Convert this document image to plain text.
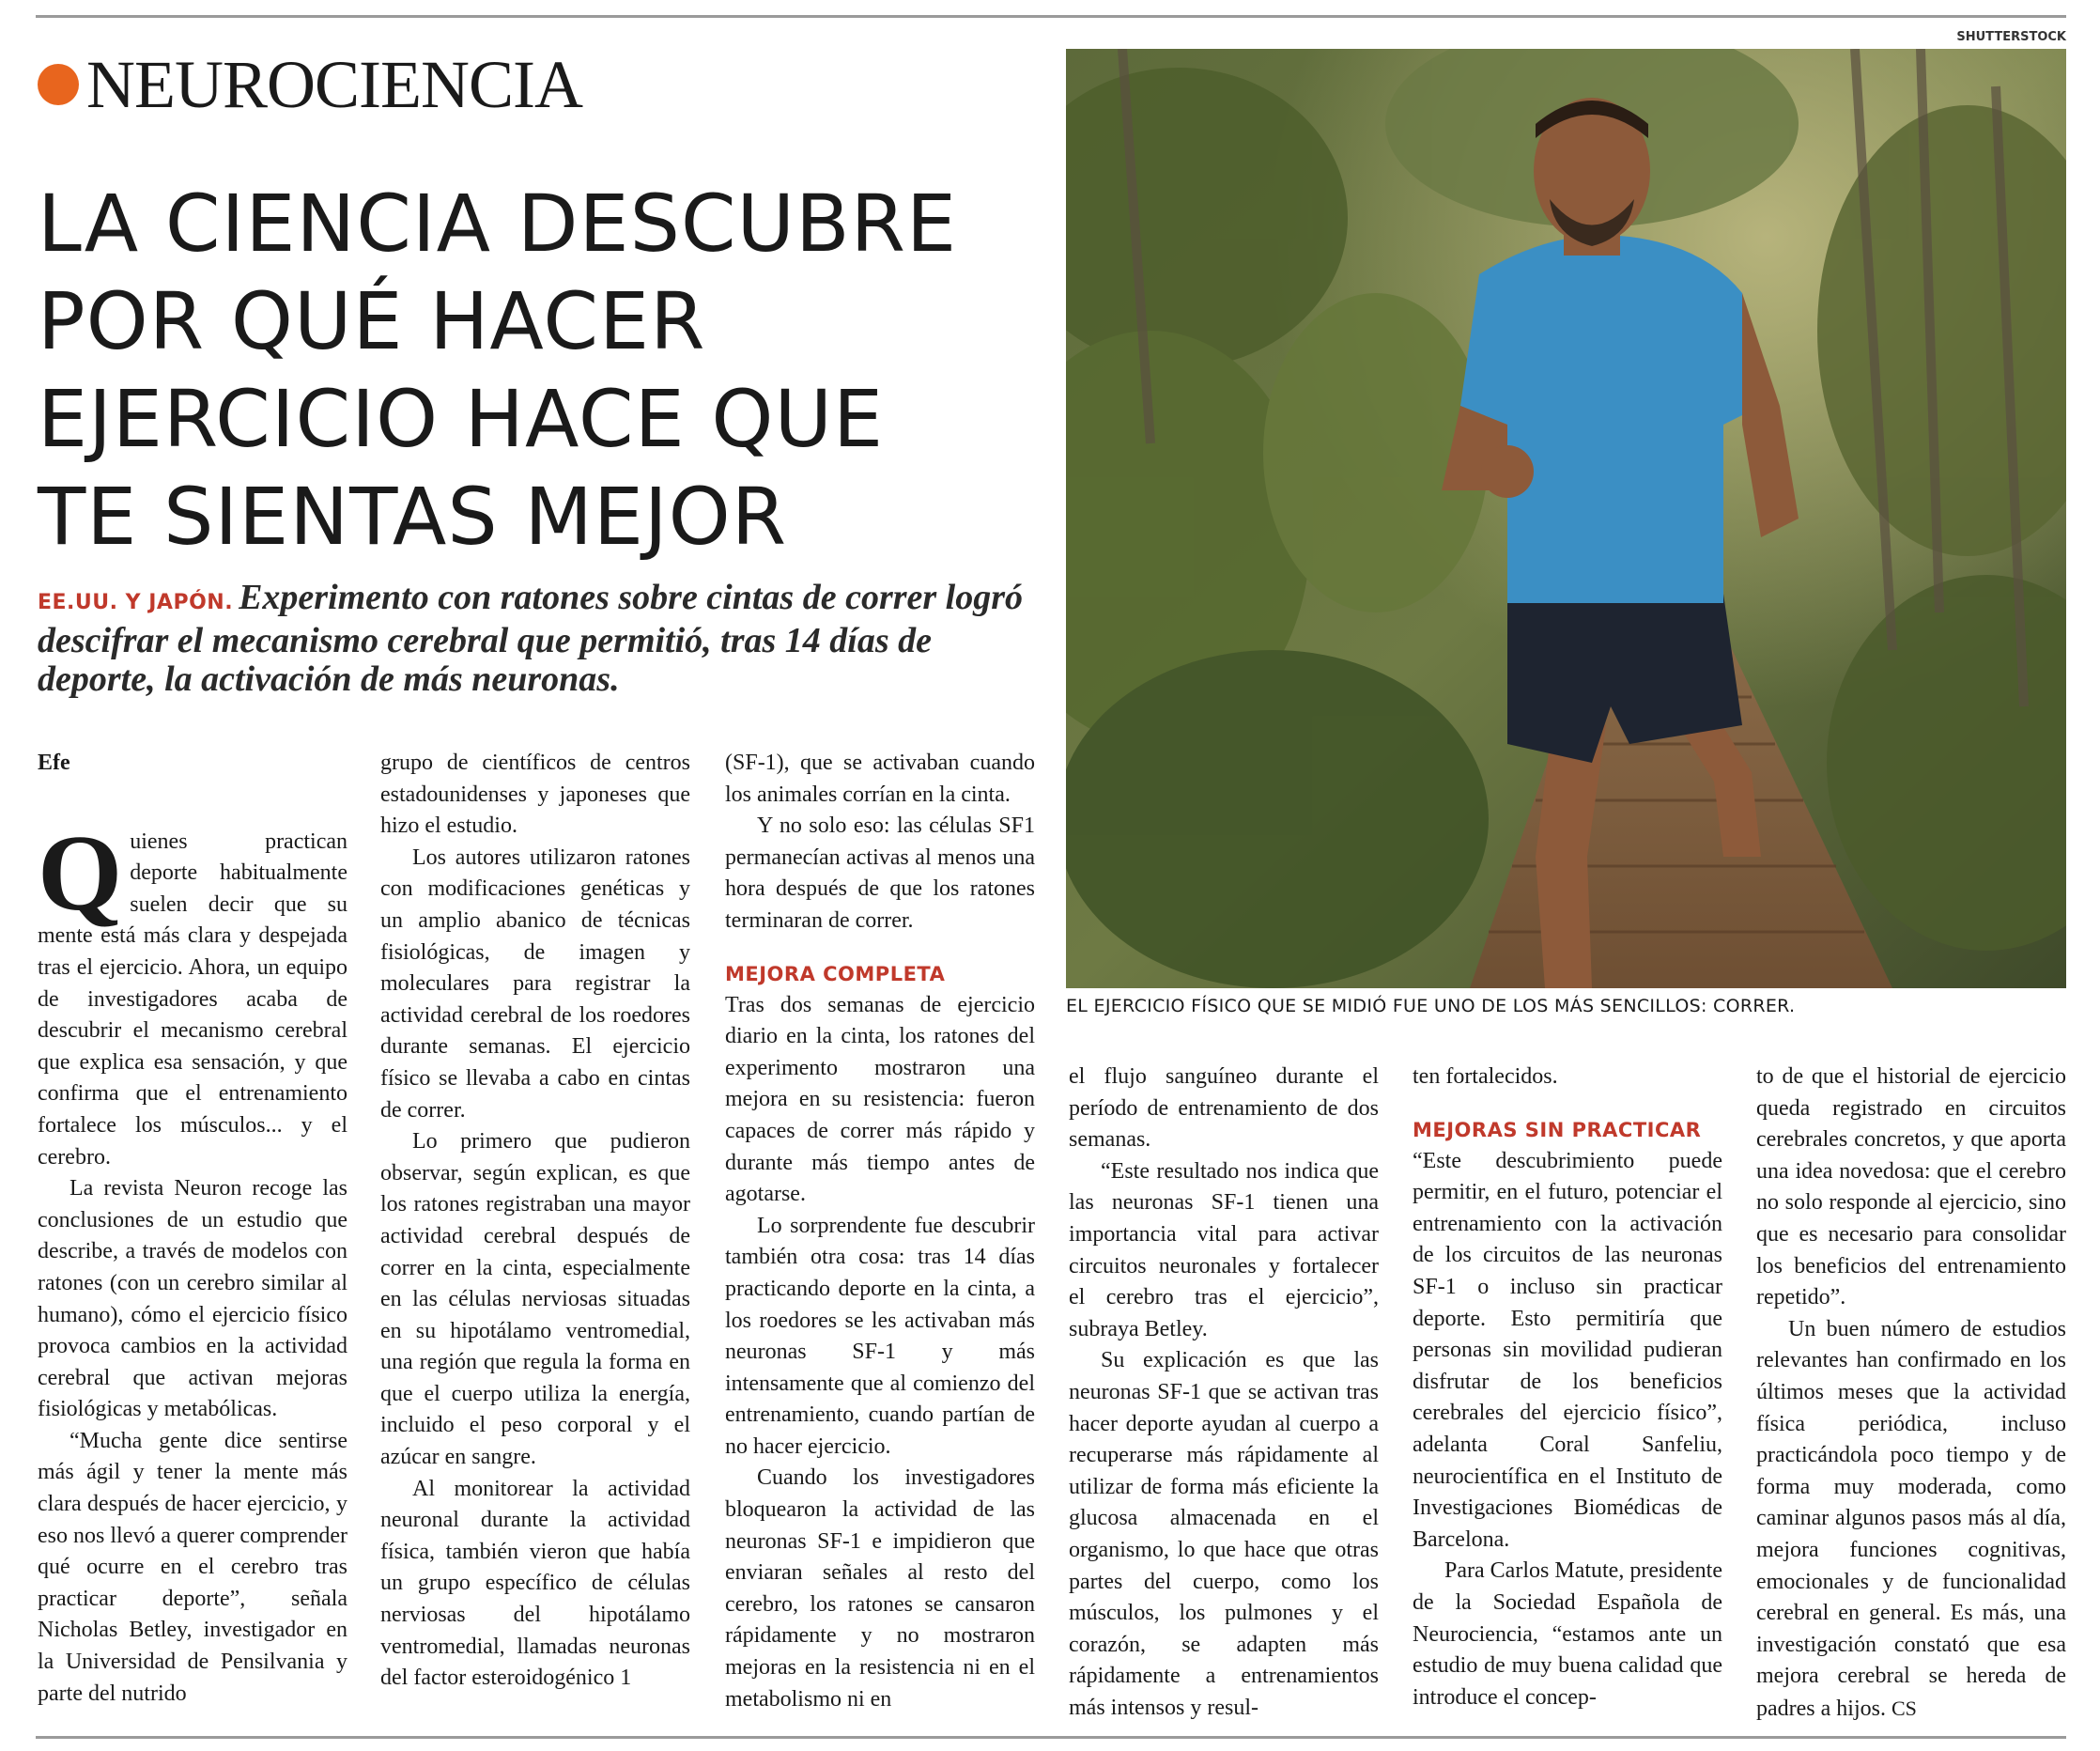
NEUROCIENCIA
LA CIENCIA DESCUBRE
POR QUÉ HACER
EJERCICIO HACE QUE
TE SIENTAS MEJOR
EE.UU. Y JAPÓN. Experimento con ratones sobre cintas de correr logró descifrar el mecanismo cerebral que permitió, tras 14 días de deporte, la activación de más neuronas.
SHUTTERSTOCK
EL EJERCICIO FÍSICO QUE SE MIDIÓ FUE UNO DE LOS MÁS SENCILLOS: CORRER.

Efe

Quienes practican deporte habitualmente suelen decir que su mente está más clara y despejada tras el ejercicio. Ahora, un equipo de investigadores acaba de descubrir el mecanismo cerebral que explica esa sensación, y que confirma que el entrenamiento fortalece los músculos... y el cerebro.

La revista Neuron recoge las conclusiones de un estudio que describe, a través de modelos con ratones (con un cerebro similar al humano), cómo el ejercicio físico provoca cambios en la actividad cerebral que activan mejoras fisiológicas y metabólicas.

“Mucha gente dice sentirse más ágil y tener la mente más clara después de hacer ejercicio, y eso nos llevó a querer comprender qué ocurre en el cerebro tras practicar deporte”, señala Nicholas Betley, investigador en la Universidad de Pensilvania y parte del nutrido

grupo de científicos de centros estadounidenses y japoneses que hizo el estudio.

Los autores utilizaron ratones con modificaciones genéticas y un amplio abanico de técnicas fisiológicas, de imagen y moleculares para registrar la actividad cerebral de los roedores durante semanas. El ejercicio físico se llevaba a cabo en cintas de correr.

Lo primero que pudieron observar, según explican, es que los ratones registraban una mayor actividad cerebral después de correr en la cinta, especialmente en las células nerviosas situadas en su hipotálamo ventromedial, una región que regula la forma en que el cuerpo utiliza la energía, incluido el peso corporal y el azúcar en sangre.

Al monitorear la actividad neuronal durante la actividad física, también vieron que había un grupo específico de células nerviosas del hipotálamo ventromedial, llamadas neuronas del factor esteroidogénico 1

(SF-1), que se activaban cuando los animales corrían en la cinta.

Y no solo eso: las células SF1 permanecían activas al menos una hora después de que los ratones terminaran de correr.

MEJORA COMPLETA

Tras dos semanas de ejercicio diario en la cinta, los ratones del experimento mostraron una mejora en su resistencia: fueron capaces de correr más rápido y durante más tiempo antes de agotarse.

Lo sorprendente fue descubrir también otra cosa: tras 14 días practicando deporte en la cinta, a los roedores se les activaban más neuronas SF-1 y más intensamente que al comienzo del entrenamiento, cuando partían de no hacer ejercicio.

Cuando los investigadores bloquearon la actividad de las neuronas SF-1 e impidieron que enviaran señales al resto del cerebro, los ratones se cansaron rápidamente y no mostraron mejoras en la resistencia ni en el metabolismo ni en

el flujo sanguíneo durante el período de entrenamiento de dos semanas.

“Este resultado nos indica que las neuronas SF-1 tienen una importancia vital para activar circuitos neuronales y fortalecer el cerebro tras el ejercicio”, subraya Betley.

Su explicación es que las neuronas SF-1 que se activan tras hacer deporte ayudan al cuerpo a recuperarse más rápidamente al utilizar de forma más eficiente la glucosa almacenada en el organismo, lo que hace que otras partes del cuerpo, como los músculos, los pulmones y el corazón, se adapten más rápidamente a entrenamientos más intensos y resul-

ten fortalecidos.

MEJORAS SIN PRACTICAR

“Este descubrimiento puede permitir, en el futuro, potenciar el entrenamiento con la activación de los circuitos de las neuronas SF-1 o incluso sin practicar deporte. Esto permitiría que personas sin movilidad pudieran disfrutar de los beneficios cerebrales del ejercicio físico”, adelanta Coral Sanfeliu, neurocientífica en el Instituto de Investigaciones Biomédicas de Barcelona.

Para Carlos Matute, presidente de la Sociedad Española de Neurociencia, “estamos ante un estudio de muy buena calidad que introduce el concep-

to de que el historial de ejercicio queda registrado en circuitos cerebrales concretos, y que aporta una idea novedosa: que el cerebro no solo responde al ejercicio, sino que es necesario para consolidar los beneficios del entrenamiento repetido”.

Un buen número de estudios relevantes han confirmado en los últimos meses que la actividad física periódica, incluso practicándola poco tiempo y de forma muy moderada, como caminar algunos pasos más al día, mejora funciones cognitivas, emocionales y de funcionalidad cerebral en general. Es más, una investigación constató que esa mejora cerebral se hereda de padres a hijos. CS
